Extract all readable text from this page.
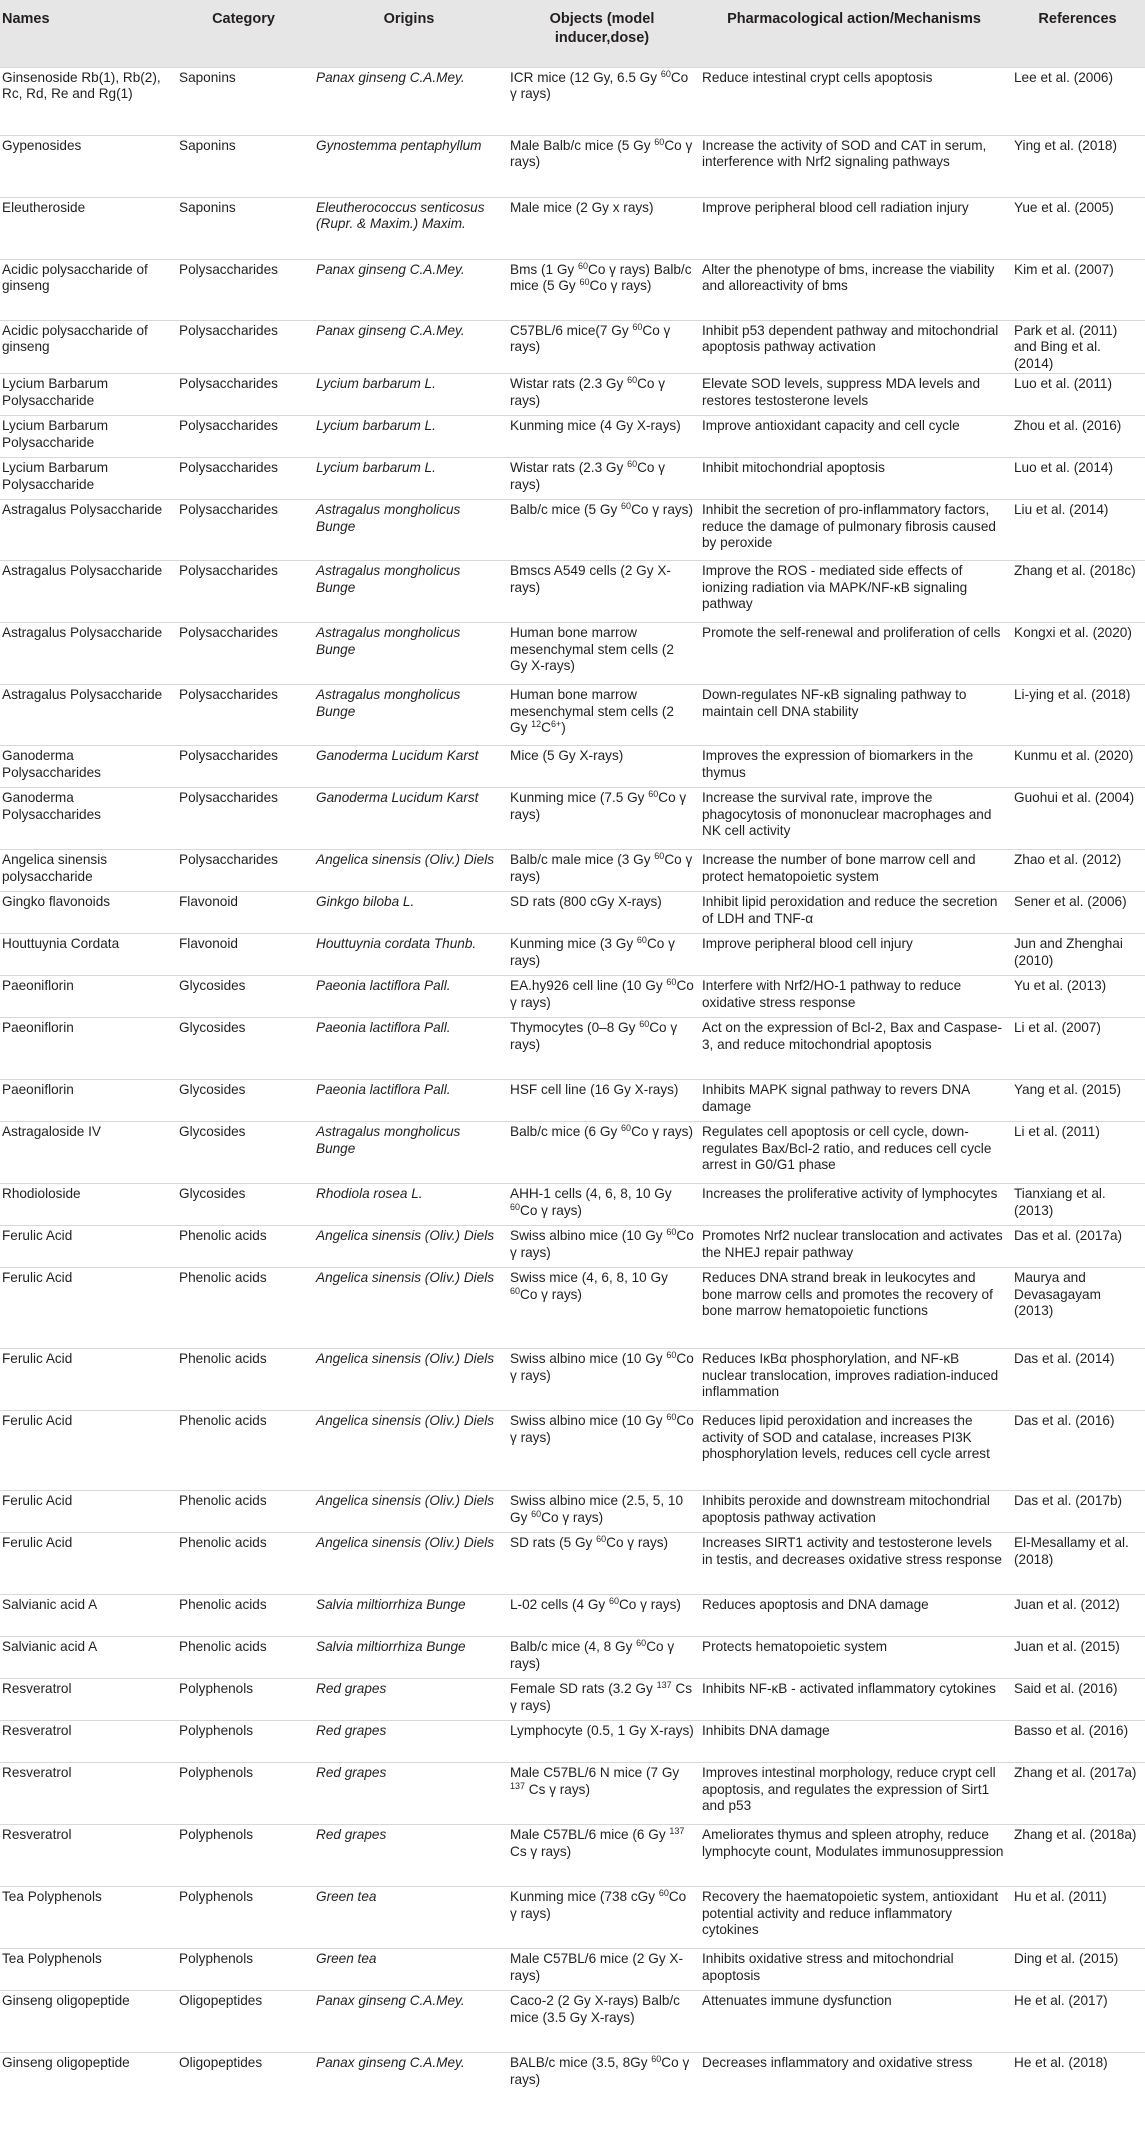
Names	Category	Origins	Objects (model inducer,dose)	Pharmacological action/Mechanisms	References
Ginsenoside Rb(1), Rb(2), Rc, Rd, Re and Rg(1)	Saponins	Panax ginseng C.A.Mey.	ICR mice (12 Gy, 6.5 Gy $^{60}$Co γ rays)	Reduce intestinal crypt cells apoptosis	Lee et al. (2006)
Gypenosides	Saponins	Gynostemma pentaphyllum	Male Balb/c mice (5 Gy $^{60}$Co γ rays)	Increase the activity of SOD and CAT in serum, interference with Nrf2 signaling pathways	Ying et al. (2018)
Eleutheroside	Saponins	Eleutherococcus senticosus (Rupr. & Maxim.) Maxim.	Male mice (2 Gy x rays)	Improve peripheral blood cell radiation injury	Yue et al. (2005)
Acidic polysaccharide of ginseng	Polysaccharides	Panax ginseng C.A.Mey.	Bms (1 Gy $^{60}$Co γ rays) Balb/c mice (5 Gy $^{60}$Co γ rays)	Alter the phenotype of bms, increase the viability and alloreactivity of bms	Kim et al. (2007)
Acidic polysaccharide of ginseng	Polysaccharides	Panax ginseng C.A.Mey.	C57BL/6 mice(7 Gy $^{60}$Co γ rays)	Inhibit p53 dependent pathway and mitochondrial apoptosis pathway activation	Park et al. (2011) and Bing et al. (2014)
Lycium Barbarum Polysaccharide	Polysaccharides	Lycium barbarum L.	Wistar rats (2.3 Gy $^{60}$Co γ rays)	Elevate SOD levels, suppress MDA levels and restores testosterone levels	Luo et al. (2011)
Lycium Barbarum Polysaccharide	Polysaccharides	Lycium barbarum L.	Kunming mice (4 Gy X-rays)	Improve antioxidant capacity and cell cycle	Zhou et al. (2016)
Lycium Barbarum Polysaccharide	Polysaccharides	Lycium barbarum L.	Wistar rats (2.3 Gy $^{60}$Co γ rays)	Inhibit mitochondrial apoptosis	Luo et al. (2014)
Astragalus Polysaccharide	Polysaccharides	Astragalus mongholicus Bunge	Balb/c mice (5 Gy $^{60}$Co γ rays)	Inhibit the secretion of pro-inflammatory factors, reduce the damage of pulmonary fibrosis caused by peroxide	Liu et al. (2014)
Astragalus Polysaccharide	Polysaccharides	Astragalus mongholicus Bunge	Bmscs A549 cells (2 Gy X-rays)	Improve the ROS - mediated side effects of ionizing radiation via MAPK/NF-κB signaling pathway	Zhang et al. (2018c)
Astragalus Polysaccharide	Polysaccharides	Astragalus mongholicus Bunge	Human bone marrow mesenchymal stem cells (2 Gy X-rays)	Promote the self-renewal and proliferation of cells	Kongxi et al. (2020)
Astragalus Polysaccharide	Polysaccharides	Astragalus mongholicus Bunge	Human bone marrow mesenchymal stem cells (2 Gy $^{12}C^{6+}$)	Down-regulates NF-κB signaling pathway to maintain cell DNA stability	Li-ying et al. (2018)
Ganoderma Polysaccharides	Polysaccharides	Ganoderma Lucidum Karst	Mice (5 Gy X-rays)	Improves the expression of biomarkers in the thymus	Kunmu et al. (2020)
Ganoderma Polysaccharides	Polysaccharides	Ganoderma Lucidum Karst	Kunming mice (7.5 Gy $^{60}$Co γ rays)	Increase the survival rate, improve the phagocytosis of mononuclear macrophages and NK cell activity	Guohui et al. (2004)
Angelica sinensis polysaccharide	Polysaccharides	Angelica sinensis (Oliv.) Diels	Balb/c male mice (3 Gy $^{60}$Co γ rays)	Increase the number of bone marrow cell and protect hematopoietic system	Zhao et al. (2012)
Gingko flavonoids	Flavonoid	Ginkgo biloba L.	SD rats (800 cGy X-rays)	Inhibit lipid peroxidation and reduce the secretion of LDH and TNF-α	Sener et al. (2006)
Houttuynia Cordata	Flavonoid	Houttuynia cordata Thunb.	Kunming mice (3 Gy $^{60}$Co γ rays)	Improve peripheral blood cell injury	Jun and Zhenghai (2010)
Paeoniflorin	Glycosides	Paeonia lactiflora Pall.	EA.hy926 cell line (10 Gy $^{60}$Co γ rays)	Interfere with Nrf2/HO-1 pathway to reduce oxidative stress response	Yu et al. (2013)
Paeoniflorin	Glycosides	Paeonia lactiflora Pall.	Thymocytes (0–8 Gy $^{60}$Co γ rays)	Act on the expression of Bcl-2, Bax and Caspase-3, and reduce mitochondrial apoptosis	Li et al. (2007)
Paeoniflorin	Glycosides	Paeonia lactiflora Pall.	HSF cell line (16 Gy X-rays)	Inhibits MAPK signal pathway to revers DNA damage	Yang et al. (2015)
Astragaloside IV	Glycosides	Astragalus mongholicus Bunge	Balb/c mice (6 Gy $^{60}$Co γ rays)	Regulates cell apoptosis or cell cycle, down-regulates Bax/Bcl-2 ratio, and reduces cell cycle arrest in G0/G1 phase	Li et al. (2011)
Rhodioloside	Glycosides	Rhodiola rosea L.	AHH-1 cells (4, 6, 8, 10 Gy $^{60}$Co γ rays)	Increases the proliferative activity of lymphocytes	Tianxiang et al. (2013)
Ferulic Acid	Phenolic acids	Angelica sinensis (Oliv.) Diels	Swiss albino mice (10 Gy $^{60}$Co γ rays)	Promotes Nrf2 nuclear translocation and activates the NHEJ repair pathway	Das et al. (2017a)
Ferulic Acid	Phenolic acids	Angelica sinensis (Oliv.) Diels	Swiss mice (4, 6, 8, 10 Gy $^{60}$Co γ rays)	Reduces DNA strand break in leukocytes and bone marrow cells and promotes the recovery of bone marrow hematopoietic functions	Maurya and Devasagayam (2013)
Ferulic Acid	Phenolic acids	Angelica sinensis (Oliv.) Diels	Swiss albino mice (10 Gy $^{60}$Co γ rays)	Reduces IκBα phosphorylation, and NF-κB nuclear translocation, improves radiation-induced inflammation	Das et al. (2014)
Ferulic Acid	Phenolic acids	Angelica sinensis (Oliv.) Diels	Swiss albino mice (10 Gy $^{60}$Co γ rays)	Reduces lipid peroxidation and increases the activity of SOD and catalase, increases PI3K phosphorylation levels, reduces cell cycle arrest	Das et al. (2016)
Ferulic Acid	Phenolic acids	Angelica sinensis (Oliv.) Diels	Swiss albino mice (2.5, 5, 10 Gy $^{60}$Co γ rays)	Inhibits peroxide and downstream mitochondrial apoptosis pathway activation	Das et al. (2017b)
Ferulic Acid	Phenolic acids	Angelica sinensis (Oliv.) Diels	SD rats (5 Gy $^{60}$Co γ rays)	Increases SIRT1 activity and testosterone levels in testis, and decreases oxidative stress response	El-Mesallamy et al. (2018)
Salvianic acid A	Phenolic acids	Salvia miltiorrhiza Bunge	L-02 cells (4 Gy $^{60}$Co γ rays)	Reduces apoptosis and DNA damage	Juan et al. (2012)
Salvianic acid A	Phenolic acids	Salvia miltiorrhiza Bunge	Balb/c mice (4, 8 Gy $^{60}$Co γ rays)	Protects hematopoietic system	Juan et al. (2015)
Resveratrol	Polyphenols	Red grapes	Female SD rats (3.2 Gy $^{137}$ Cs γ rays)	Inhibits NF-κB - activated inflammatory cytokines	Said et al. (2016)
Resveratrol	Polyphenols	Red grapes	Lymphocyte (0.5, 1 Gy X-rays)	Inhibits DNA damage	Basso et al. (2016)
Resveratrol	Polyphenols	Red grapes	Male C57BL/6 N mice (7 Gy $^{137}$ Cs γ rays)	Improves intestinal morphology, reduce crypt cell apoptosis, and regulates the expression of Sirt1 and p53	Zhang et al. (2017a)
Resveratrol	Polyphenols	Red grapes	Male C57BL/6 mice (6 Gy $^{137}$ Cs γ rays)	Ameliorates thymus and spleen atrophy, reduce lymphocyte count, Modulates immunosuppression	Zhang et al. (2018a)
Tea Polyphenols	Polyphenols	Green tea	Kunming mice (738 cGy $^{60}$Co γ rays)	Recovery the haematopoietic system, antioxidant potential activity and reduce inflammatory cytokines	Hu et al. (2011)
Tea Polyphenols	Polyphenols	Green tea	Male C57BL/6 mice (2 Gy X-rays)	Inhibits oxidative stress and mitochondrial apoptosis	Ding et al. (2015)
Ginseng oligopeptide	Oligopeptides	Panax ginseng C.A.Mey.	Caco-2 (2 Gy X-rays) Balb/c mice (3.5 Gy X-rays)	Attenuates immune dysfunction	He et al. (2017)
Ginseng oligopeptide	Oligopeptides	Panax ginseng C.A.Mey.	BALB/c mice (3.5, 8Gy $^{60}$Co γ rays)	Decreases inflammatory and oxidative stress	He et al. (2018)
